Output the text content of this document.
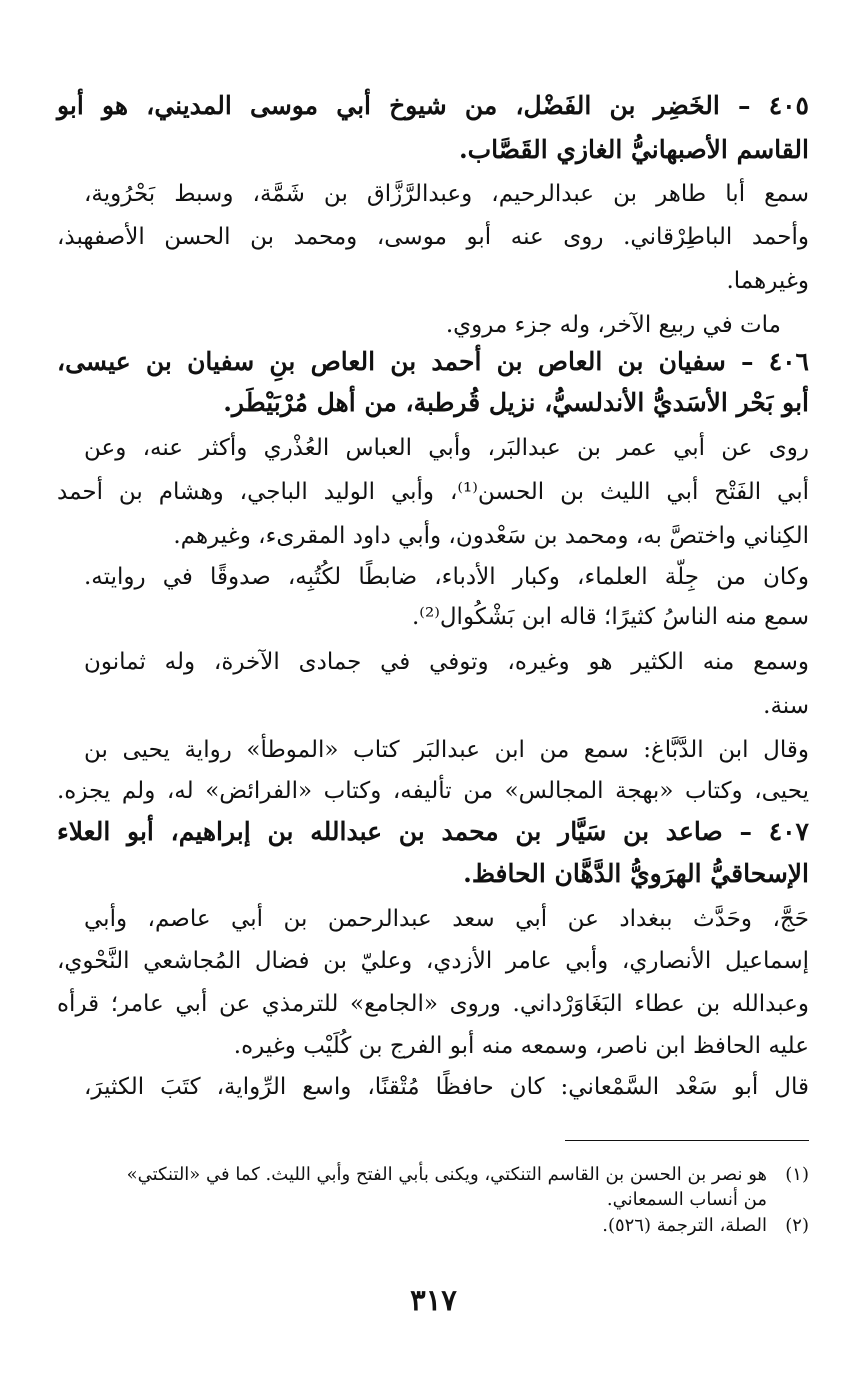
٤٠٥ – الخَضِر بن الفَضْل، من شيوخ أبي موسى المديني، هو أبو
القاسم الأصبهانيُّ الغازي القَصَّاب.
سمع أبا طاهر بن عبدالرحيم، وعبدالرَّزَّاق بن شَمَّة، وسبط بَحْرُوية،
وأحمد الباطِرْقاني. روى عنه أبو موسى، ومحمد بن الحسن الأصفهبذ،
وغيرهما.
مات في ربيع الآخر، وله جزء مروي.
٤٠٦ – سفيان بن العاص بن أحمد بن العاص بنِ سفيان بن عيسى،
أبو بَحْر الأسَديُّ الأندلسيُّ، نزيل قُرطبة، من أهل مُرْبَيْطَر.
روى عن أبي عمر بن عبدالبَر، وأبي العباس العُذْري وأكثر عنه، وعن
أبي الفَتْح أبي الليث بن الحسن⁽¹⁾، وأبي الوليد الباجي، وهشام بن أحمد
الكِناني واختصَّ به، ومحمد بن سَعْدون، وأبي داود المقرىء، وغيرهم.
وكان من جِلّة العلماء، وكبار الأدباء، ضابطًا لكُتُبِه، صدوقًا في روايته.
سمع منه الناسُ كثيرًا؛ قاله ابن بَشْكُوال⁽²⁾.
وسمع منه الكثير هو وغيره، وتوفي في جمادى الآخرة، وله ثمانون
سنة.
وقال ابن الدَّبَّاغ: سمع من ابن عبدالبَر كتاب «الموطأ» رواية يحيى بن
يحيى، وكتاب «بهجة المجالس» من تأليفه، وكتاب «الفرائض» له، ولم يجزه.
٤٠٧ – صاعد بن سَيَّار بن محمد بن عبدالله بن إبراهيم، أبو العلاء
الإسحاقيُّ الهرَويُّ الدَّهَّان الحافظ.
حَجَّ، وحَدَّث ببغداد عن أبي سعد عبدالرحمن بن أبي عاصم، وأبي
إسماعيل الأنصاري، وأبي عامر الأزدي، وعليّ بن فضال المُجاشعي النَّحْوي،
وعبدالله بن عطاء البَغَاوَرْداني. وروى «الجامع» للترمذي عن أبي عامر؛ قرأه
عليه الحافظ ابن ناصر، وسمعه منه أبو الفرج بن كُلَيْب وغيره.
قال أبو سَعْد السَّمْعاني: كان حافظًا مُتْقنًا، واسع الرِّواية، كتَبَ الكثيرَ،
(١)هو نصر بن الحسن بن القاسم التنكتي، ويكنى بأبي الفتح وأبي الليث. كما في «التنكتي»
من أنساب السمعاني.
(٢)الصلة، الترجمة (٥٢٦).
٣١٧
